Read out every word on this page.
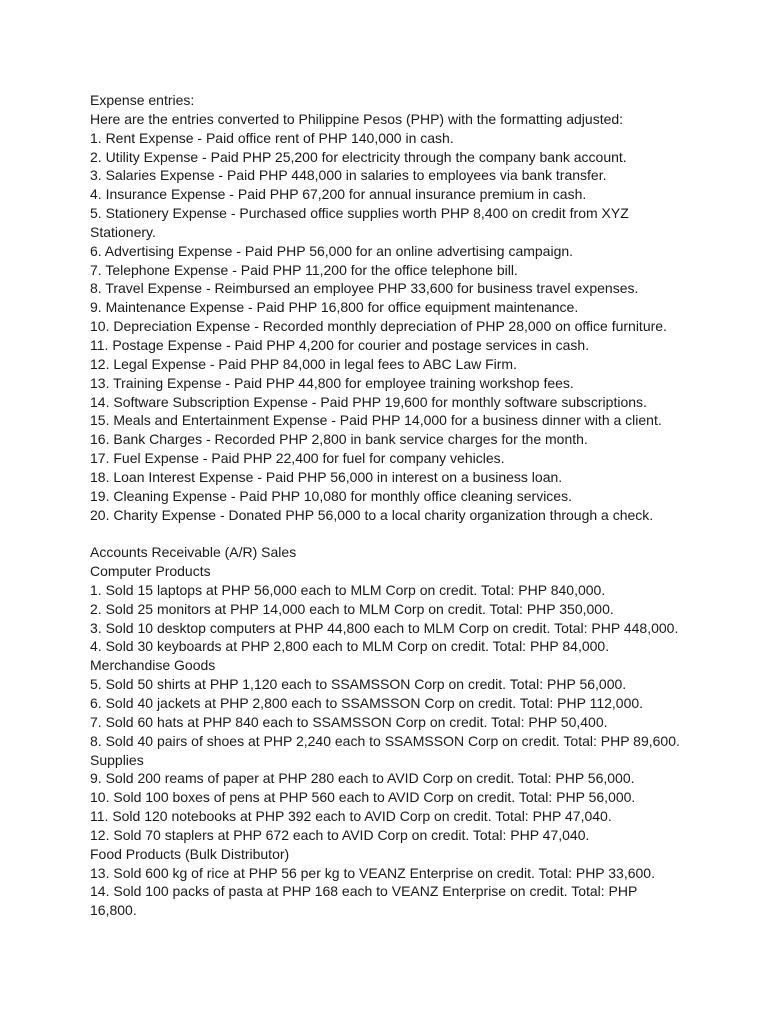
Expense entries:
Here are the entries converted to Philippine Pesos (PHP) with the formatting adjusted:
1. Rent Expense - Paid office rent of PHP 140,000 in cash.
2. Utility Expense - Paid PHP 25,200 for electricity through the company bank account.
3. Salaries Expense - Paid PHP 448,000 in salaries to employees via bank transfer.
4. Insurance Expense - Paid PHP 67,200 for annual insurance premium in cash.
5. Stationery Expense - Purchased office supplies worth PHP 8,400 on credit from XYZ Stationery.
6. Advertising Expense - Paid PHP 56,000 for an online advertising campaign.
7. Telephone Expense - Paid PHP 11,200 for the office telephone bill.
8. Travel Expense - Reimbursed an employee PHP 33,600 for business travel expenses.
9. Maintenance Expense - Paid PHP 16,800 for office equipment maintenance.
10. Depreciation Expense - Recorded monthly depreciation of PHP 28,000 on office furniture.
11. Postage Expense - Paid PHP 4,200 for courier and postage services in cash.
12. Legal Expense - Paid PHP 84,000 in legal fees to ABC Law Firm.
13. Training Expense - Paid PHP 44,800 for employee training workshop fees.
14. Software Subscription Expense - Paid PHP 19,600 for monthly software subscriptions.
15. Meals and Entertainment Expense - Paid PHP 14,000 for a business dinner with a client.
16. Bank Charges - Recorded PHP 2,800 in bank service charges for the month.
17. Fuel Expense - Paid PHP 22,400 for fuel for company vehicles.
18. Loan Interest Expense - Paid PHP 56,000 in interest on a business loan.
19. Cleaning Expense - Paid PHP 10,080 for monthly office cleaning services.
20. Charity Expense - Donated PHP 56,000 to a local charity organization through a check.
Accounts Receivable (A/R) Sales
Computer Products
1. Sold 15 laptops at PHP 56,000 each to MLM Corp on credit. Total: PHP 840,000.
2. Sold 25 monitors at PHP 14,000 each to MLM Corp on credit. Total: PHP 350,000.
3. Sold 10 desktop computers at PHP 44,800 each to MLM Corp on credit. Total: PHP 448,000.
4. Sold 30 keyboards at PHP 2,800 each to MLM Corp on credit. Total: PHP 84,000.
Merchandise Goods
5. Sold 50 shirts at PHP 1,120 each to SSAMSSON Corp on credit. Total: PHP 56,000.
6. Sold 40 jackets at PHP 2,800 each to SSAMSSON Corp on credit. Total: PHP 112,000.
7. Sold 60 hats at PHP 840 each to SSAMSSON Corp on credit. Total: PHP 50,400.
8. Sold 40 pairs of shoes at PHP 2,240 each to SSAMSSON Corp on credit. Total: PHP 89,600.
Supplies
9. Sold 200 reams of paper at PHP 280 each to AVID Corp on credit. Total: PHP 56,000.
10. Sold 100 boxes of pens at PHP 560 each to AVID Corp on credit. Total: PHP 56,000.
11. Sold 120 notebooks at PHP 392 each to AVID Corp on credit. Total: PHP 47,040.
12. Sold 70 staplers at PHP 672 each to AVID Corp on credit. Total: PHP 47,040.
Food Products (Bulk Distributor)
13. Sold 600 kg of rice at PHP 56 per kg to VEANZ Enterprise on credit. Total: PHP 33,600.
14. Sold 100 packs of pasta at PHP 168 each to VEANZ Enterprise on credit. Total: PHP 16,800.
